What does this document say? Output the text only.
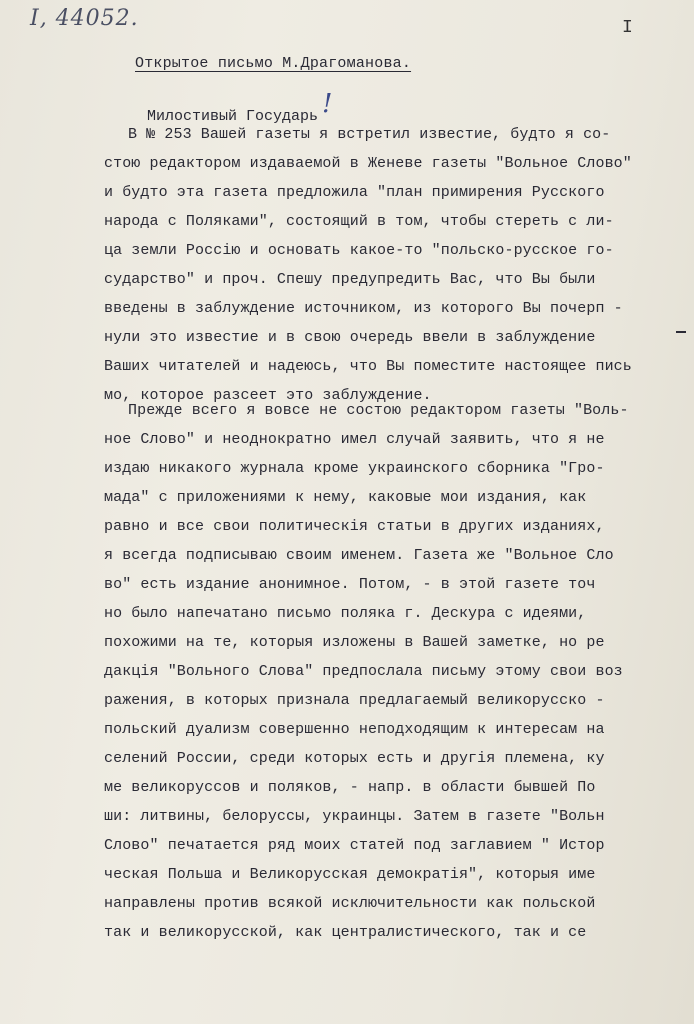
I, 44052.	I
Открытое письмо М.Драгоманова.
Милостивый Государь !
В № 253 Вашей газеты я встретил известие, будто я со-
стою редактором издаваемой в Женеве газеты "Вольное Слово"
и будто эта газета предложила "план примирения Русского
народа с Поляками", состоящий в том, чтобы стереть с ли-
ца земли Россію и основать какое-то "польско-русское го-
сударство" и проч. Спешу предупредить Вас, что Вы были
введены в заблуждение источником, из которого Вы почерп -
нули это известие и в свою очередь ввели в заблуждение
Ваших читателей и надеюсь, что Вы поместите настоящее пись
мо, которое разсеет это заблуждение.
Прежде всего я вовсе не состою редактором газеты "Воль-
ное Слово" и неоднократно имел случай заявить, что я не
издаю никакого журнала кроме украинского сборника "Гро-
мада" с приложениями к нему, каковые мои издания, как
равно и все свои политическія статьи в других изданиях,
я всегда подписываю своим именем. Газета же "Вольное Сло
во" есть издание анонимное. Потом, - в этой газете точ
но было напечатано письмо поляка г. Дескура с идеями,
похожими на те, которыя изложены в Вашей заметке, но ре
дакція "Вольного Слова" предпослала письму этому свои воз
ражения, в которых признала предлагаемый великорусско -
польский дуализм совершенно неподходящим к интересам на
селений России, среди которых есть и другія племена, ку
ме великоруссов и поляков, - напр. в области бывшей По
ши: литвины, белоруссы, украинцы. Затем в газете "Вольн
Слово" печатается ряд моих статей под заглавием " Истор
ческая Польша и Великорусская демократія", которыя име
направлены против всякой исключительности как польской
так и великорусской, как централистического, так и се
